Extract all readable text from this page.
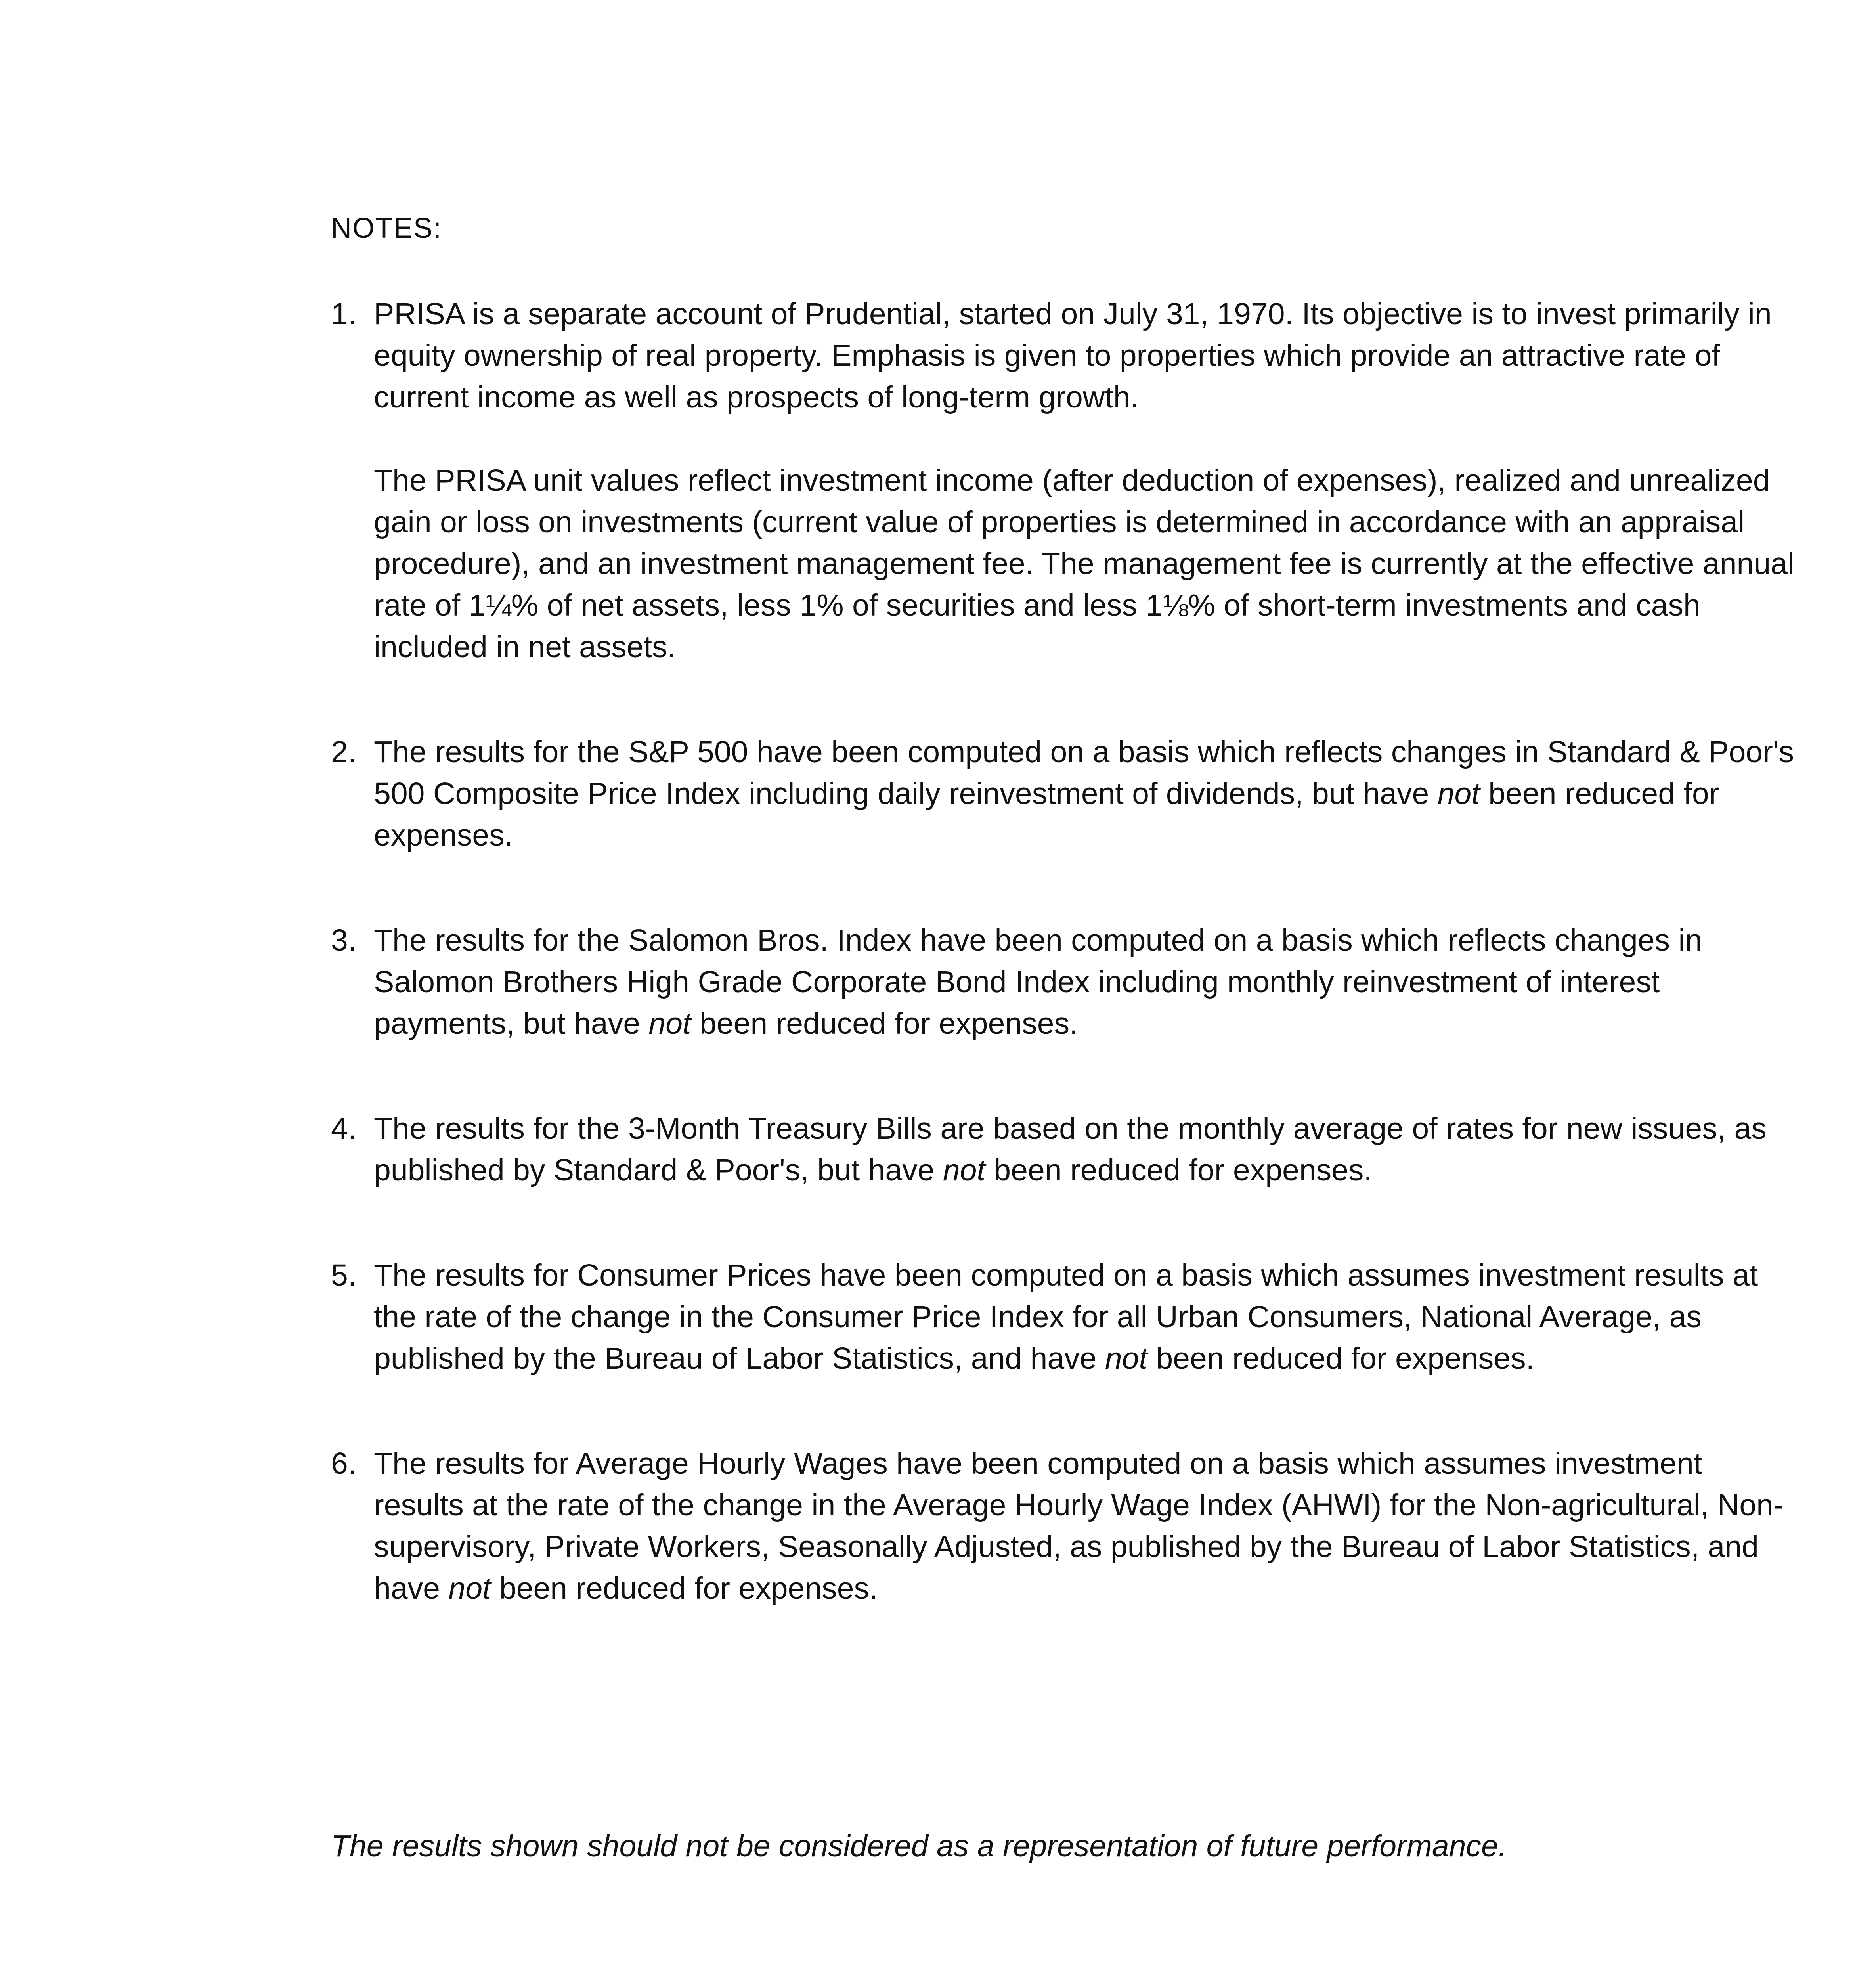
NOTES:
1. PRISA is a separate account of Prudential, started on July 31, 1970. Its objective is to invest primarily in equity ownership of real property. Emphasis is given to properties which provide an attractive rate of current income as well as prospects of long-term growth.
The PRISA unit values reflect investment income (after deduction of expenses), realized and unrealized gain or loss on investments (current value of properties is determined in accordance with an appraisal procedure), and an investment management fee. The management fee is currently at the effective annual rate of 1¼% of net assets, less 1% of securities and less 1⅛% of short-term investments and cash included in net assets.
2. The results for the S&P 500 have been computed on a basis which reflects changes in Standard & Poor's 500 Composite Price Index including daily reinvestment of dividends, but have not been reduced for expenses.
3. The results for the Salomon Bros. Index have been computed on a basis which reflects changes in Salomon Brothers High Grade Corporate Bond Index including monthly reinvestment of interest payments, but have not been reduced for expenses.
4. The results for the 3-Month Treasury Bills are based on the monthly average of rates for new issues, as published by Standard & Poor's, but have not been reduced for expenses.
5. The results for Consumer Prices have been computed on a basis which assumes investment results at the rate of the change in the Consumer Price Index for all Urban Consumers, National Average, as published by the Bureau of Labor Statistics, and have not been reduced for expenses.
6. The results for Average Hourly Wages have been computed on a basis which assumes investment results at the rate of the change in the Average Hourly Wage Index (AHWI) for the Non-agricultural, Non-supervisory, Private Workers, Seasonally Adjusted, as published by the Bureau of Labor Statistics, and have not been reduced for expenses.
The results shown should not be considered as a representation of future performance.
